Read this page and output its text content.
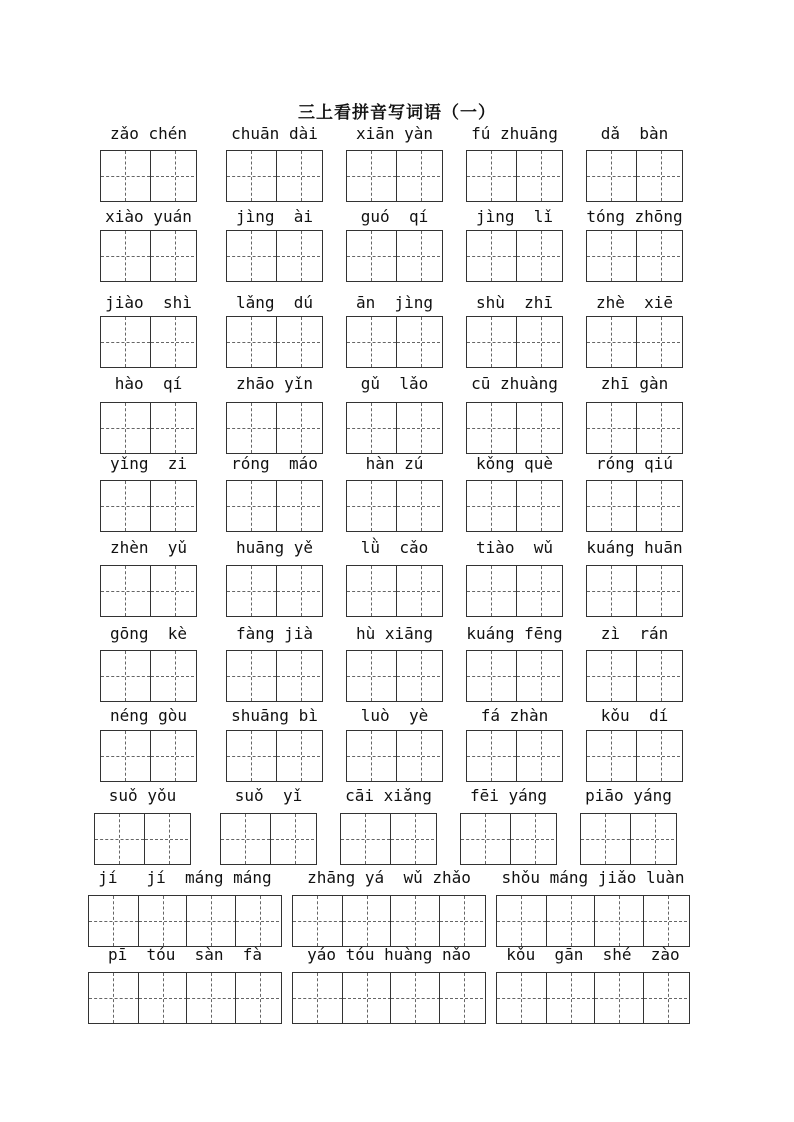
三上看拼音写词语（一）
zǎo chén	chuān dài	xiān yàn	fú zhuāng	dǎ  bàn
xiào yuán	jìng  ài	guó  qí	jìng  lǐ	tóng zhōng
jiào  shì	lǎng  dú	ān  jìng	shù  zhī	zhè  xiē
hào  qí	zhāo yǐn	gǔ  lǎo	cū zhuàng	zhī gàn
yǐng  zi	róng  máo	hàn zú	kǒng què	róng qiú
zhèn  yǔ	huāng yě	lǜ  cǎo	tiào  wǔ	kuáng huān
gōng  kè	fàng jià	hù xiāng	kuáng fēng	zì  rán
néng gòu	shuāng bì	luò  yè	fá zhàn	kǒu  dí
suǒ yǒu	suǒ  yǐ	cāi xiǎng	fēi yáng	piāo yáng
jí   jí  máng máng	zhāng yá  wǔ zhǎo	shǒu máng jiǎo luàn
pī  tóu  sàn  fà	yáo tóu huàng nǎo	kǒu  gān  shé  zào
